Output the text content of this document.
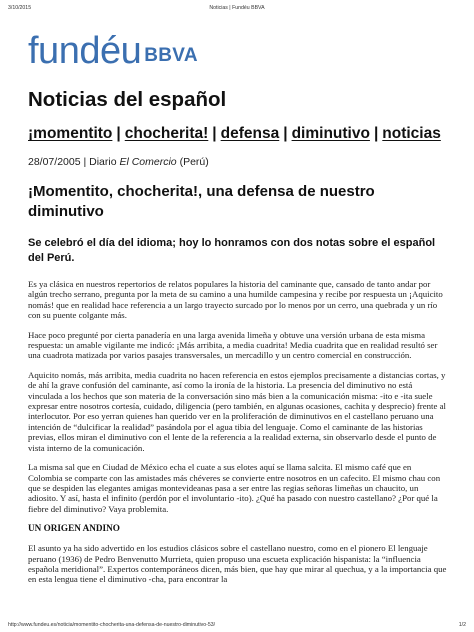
3/10/2015	Noticias | Fundéu BBVA
fundéu BBVA
Noticias del español
¡momentito | chocherita! | defensa | diminutivo | noticias
28/07/2005 | Diario El Comercio (Perú)
¡Momentito, chocherita!, una defensa de nuestro diminutivo
Se celebró el día del idioma; hoy lo honramos con dos notas sobre el español del Perú.

Es ya clásica en nuestros repertorios de relatos populares la historia del caminante que, cansado de tanto andar por algún trecho serrano, pregunta por la meta de su camino a una humilde campesina y recibe por respuesta un ¡Aquicito nomás! que en realidad hace referencia a un largo trayecto surcado por lo menos por un cerro, una quebrada y un río con su puente colgante más.

Hace poco pregunté por cierta panadería en una larga avenida limeña y obtuve una versión urbana de esta misma respuesta: un amable vigilante me indicó: ¡Más arribita, a media cuadrita! Media cuadrita que en realidad resultó ser una cuadrota matizada por varios pasajes transversales, un mercadillo y un centro comercial en construcción.

Aquicito nomás, más arribita, media cuadrita no hacen referencia en estos ejemplos precisamente a distancias cortas, y de ahí la grave confusión del caminante, así como la ironía de la historia. La presencia del diminutivo no está vinculada a los hechos que son materia de la conversación sino más bien a la comunicación misma: -ito e -ita suele expresar entre nosotros cortesía, cuidado, diligencia (pero también, en algunas ocasiones, cachita y desprecio) frente al interlocutor. Por eso yerran quienes han querido ver en la proliferación de diminutivos en el castellano peruano una intención de “dulcificar la realidad” pasándola por el agua tibia del lenguaje. Como el caminante de las historias previas, ellos miran el diminutivo con el lente de la referencia a la realidad externa, sin observarlo desde el punto de vista interno de la comunicación.

La misma sal que en Ciudad de México echa el cuate a sus elotes aquí se llama salcita. El mismo café que en Colombia se comparte con las amistades más chéveres se convierte entre nosotros en un cafecito. El mismo chau con que se despiden las elegantes amigas montevideanas pasa a ser entre las regias señoras limeñas un chaucito, un adiosito. Y así, hasta el infinito (perdón por el involuntario -ito). ¿Qué ha pasado con nuestro castellano? ¿Por qué la fiebre del diminutivo? Vaya problemita.

UN ORIGEN ANDINO

El asunto ya ha sido advertido en los estudios clásicos sobre el castellano nuestro, como en el pionero El lenguaje peruano (1936) de Pedro Benvenutto Murrieta, quien propuso una escueta explicación hispanista: la “influencia española meridional”. Expertos contemporáneos dicen, más bien, que hay que mirar al quechua, y a la importancia que en esta lengua tiene el diminutivo -cha, para encontrar la

http://www.fundeu.es/noticia/momentito-chocherita-una-defensa-de-nuestro-diminutivo-53/	1/2
